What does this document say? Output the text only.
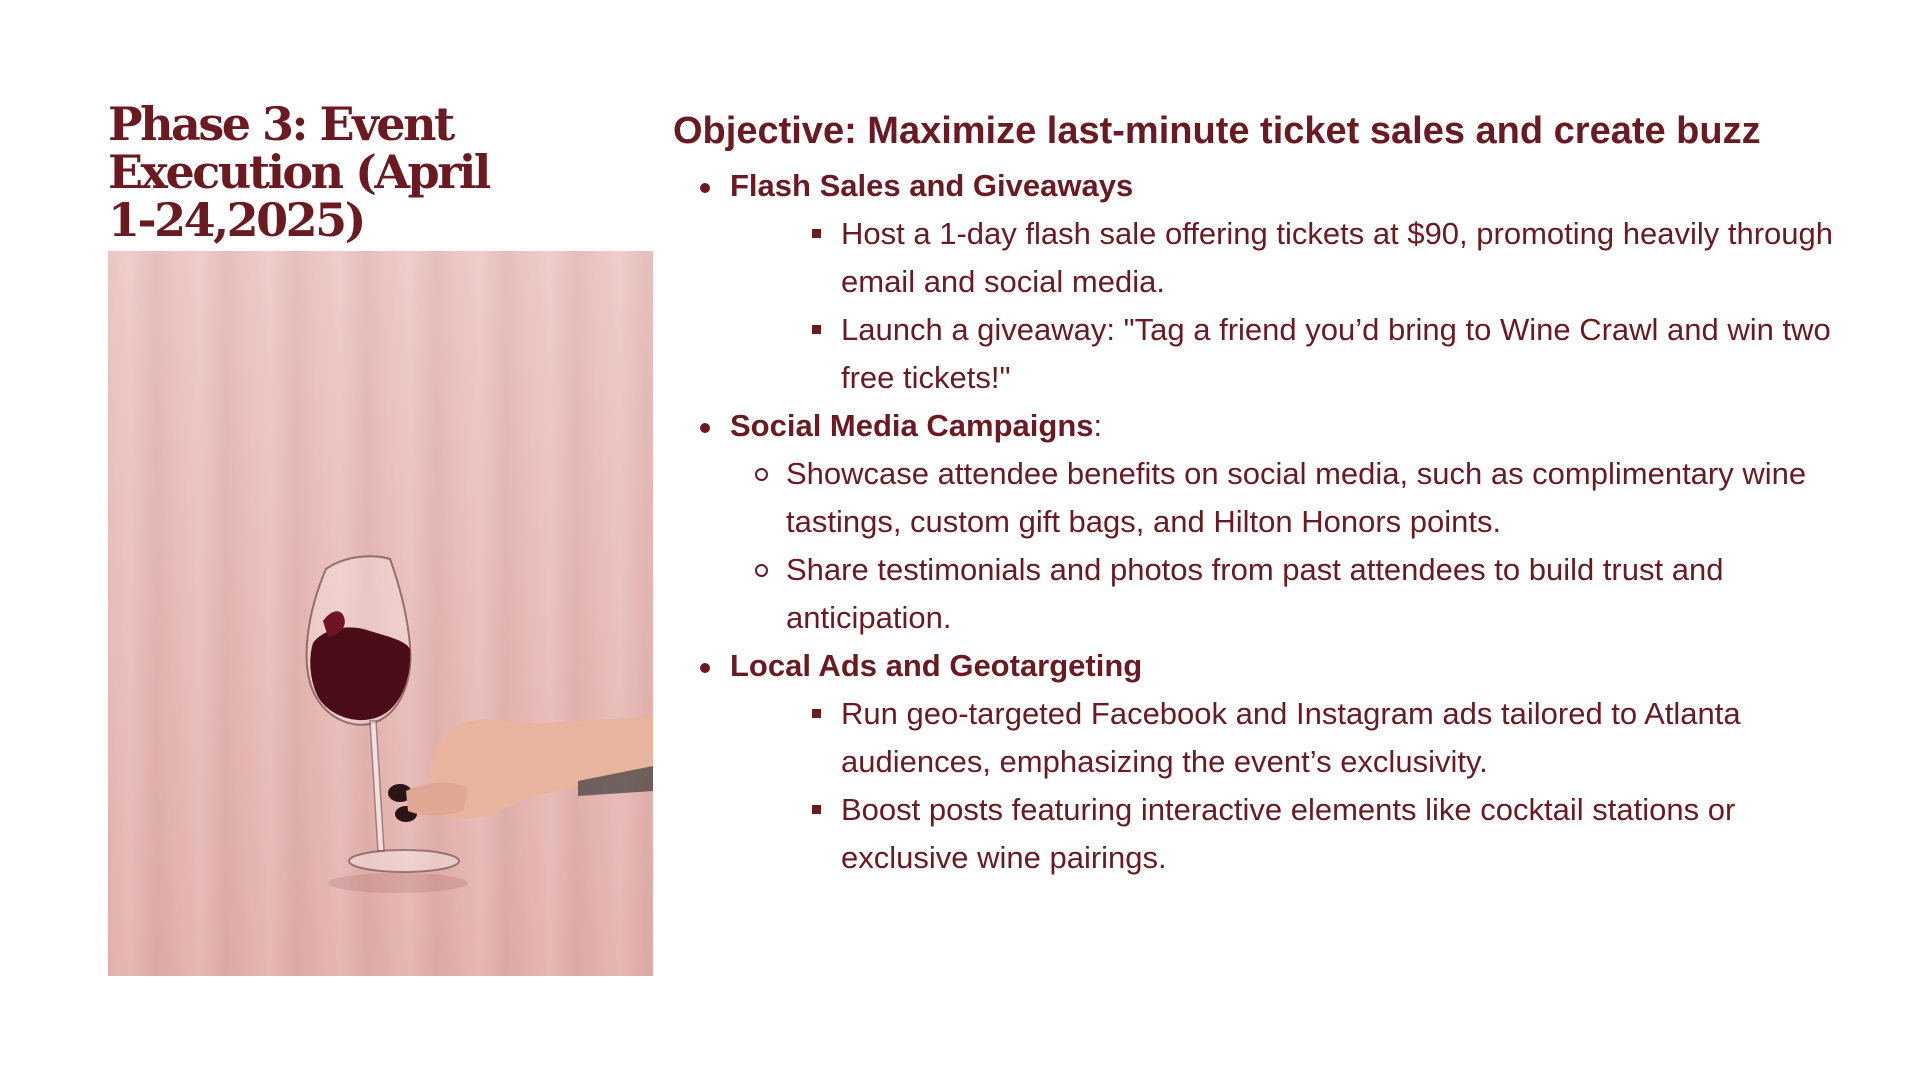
Phase 3: Event Execution (April 1-24,2025)

Objective: Maximize last-minute ticket sales and create buzz

Flash Sales and Giveaways
Host a 1-day flash sale offering tickets at $90, promoting heavily through email and social media.
Launch a giveaway: "Tag a friend you’d bring to Wine Crawl and win two free tickets!"
Social Media Campaigns:
Showcase attendee benefits on social media, such as complimentary wine tastings, custom gift bags, and Hilton Honors points.
Share testimonials and photos from past attendees to build trust and anticipation.
Local Ads and Geotargeting
Run geo-targeted Facebook and Instagram ads tailored to Atlanta audiences, emphasizing the event’s exclusivity.
Boost posts featuring interactive elements like cocktail stations or exclusive wine pairings.
